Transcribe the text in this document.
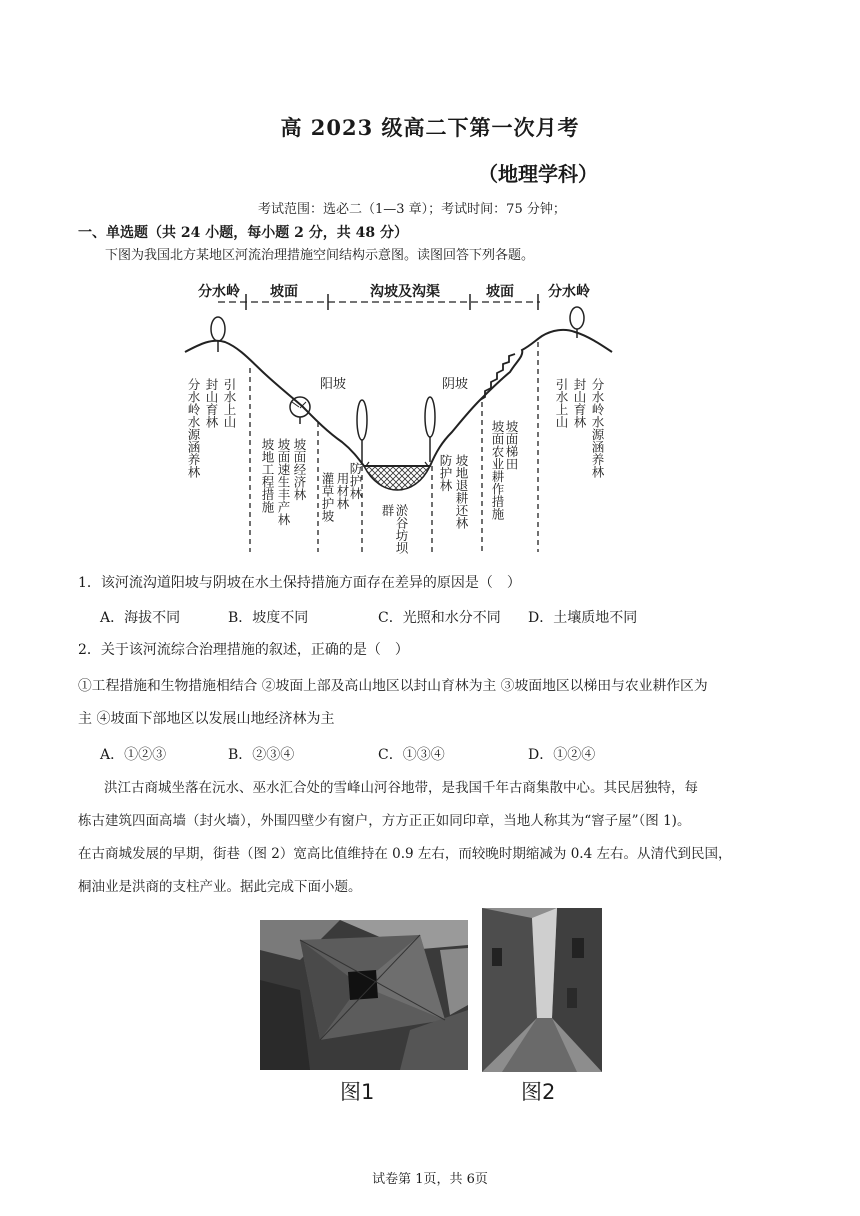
高 2023 级高二下第一次月考
（地理学科）
考试范围：选必二（1—3 章）；考试时间：75 分钟；
一、单选题（共 24 小题，每小题 2 分，共 48 分）
下图为我国北方某地区河流治理措施空间结构示意图。读图回答下列各题。
分水岭 坡面	沟坡及沟渠	坡面 分水岭
阳坡	阴坡
分水岭水源涵养林 封山育林 引水上山
坡地工程措施 坡面速生丰产林 坡面经济林 灌草护坡 用材林
防护林
淤谷坊坝群
防护林 坡地退耕还林
坡面梯田
坡面农业耕作措施
引水上山 封山育林 分水岭水源涵养林
1．该河流沟道阳坡与阴坡在水土保持措施方面存在差异的原因是（　）
A．海拔不同	B．坡度不同	C．光照和水分不同 D．土壤质地不同
2．关于该河流综合治理措施的叙述，正确的是（　）
①工程措施和生物措施相结合 ②坡面上部及高山地区以封山育林为主 ③坡面地区以梯田与农业耕作区为
主 ④坡面下部地区以发展山地经济林为主
A．①②③	B．②③④	C．①③④	D．①②④
洪江古商城坐落在沅水、巫水汇合处的雪峰山河谷地带，是我国千年古商集散中心。其民居独特，每
栋古建筑四面高墙（封火墙），外围四壁少有窗户，方方正正如同印章，当地人称其为“窨子屋”（图 1)。
在古商城发展的早期，街巷（图 2）宽高比值维持在 0.9 左右，而较晚时期缩减为 0.4 左右。从清代到民国，
桐油业是洪商的支柱产业。据此完成下面小题。
图1	图2
试卷第 1页，共 6页
